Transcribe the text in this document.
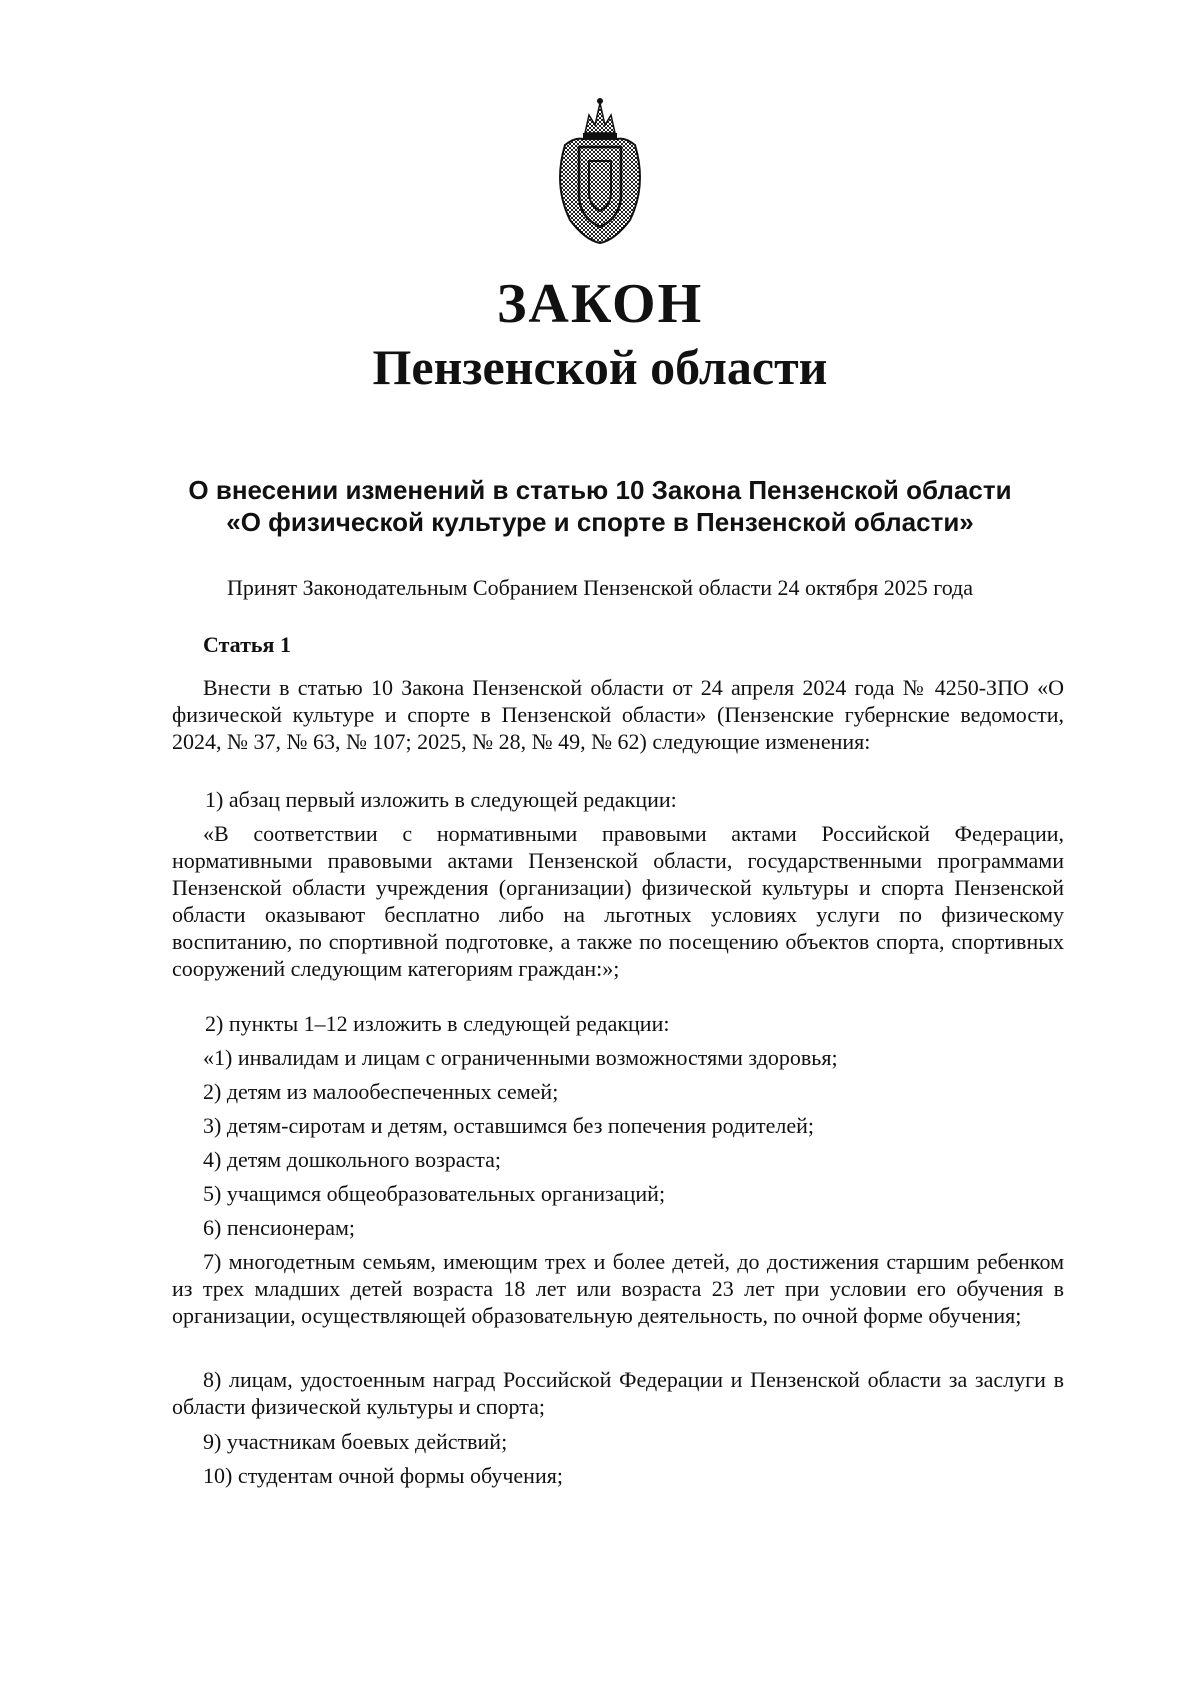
ЗАКОН
Пензенской области
О внесении изменений в статью 10 Закона Пензенской области
«О физической культуре и спорте в Пензенской области»
Принят Законодательным Собранием Пензенской области 24 октября 2025 года
Статья 1
Внести в статью 10 Закона Пензенской области от 24 апреля 2024 года № 4250-ЗПО «О физической культуре и спорте в Пензенской области» (Пензенские губернские ведомости, 2024, № 37, № 63, № 107; 2025, № 28, № 49, № 62) следующие изменения:
1) абзац первый изложить в следующей редакции:
«В соответствии с нормативными правовыми актами Российской Федерации, нормативными правовыми актами Пензенской области, государственными программами Пензенской области учреждения (организации) физической культуры и спорта Пензенской области оказывают бесплатно либо на льготных условиях услуги по физическому воспитанию, по спортивной подготовке, а также по посещению объектов спорта, спортивных сооружений следующим категориям граждан:»;
2) пункты 1–12 изложить в следующей редакции:
«1) инвалидам и лицам с ограниченными возможностями здоровья;
2) детям из малообеспеченных семей;
3) детям-сиротам и детям, оставшимся без попечения родителей;
4) детям дошкольного возраста;
5) учащимся общеобразовательных организаций;
6) пенсионерам;
7) многодетным семьям, имеющим трех и более детей, до достижения старшим ребенком из трех младших детей возраста 18 лет или возраста 23 лет при условии его обучения в организации, осуществляющей образовательную деятельность, по очной форме обучения;
8) лицам, удостоенным наград Российской Федерации и Пензенской области за заслуги в области физической культуры и спорта;
9) участникам боевых действий;
10) студентам очной формы обучения;
